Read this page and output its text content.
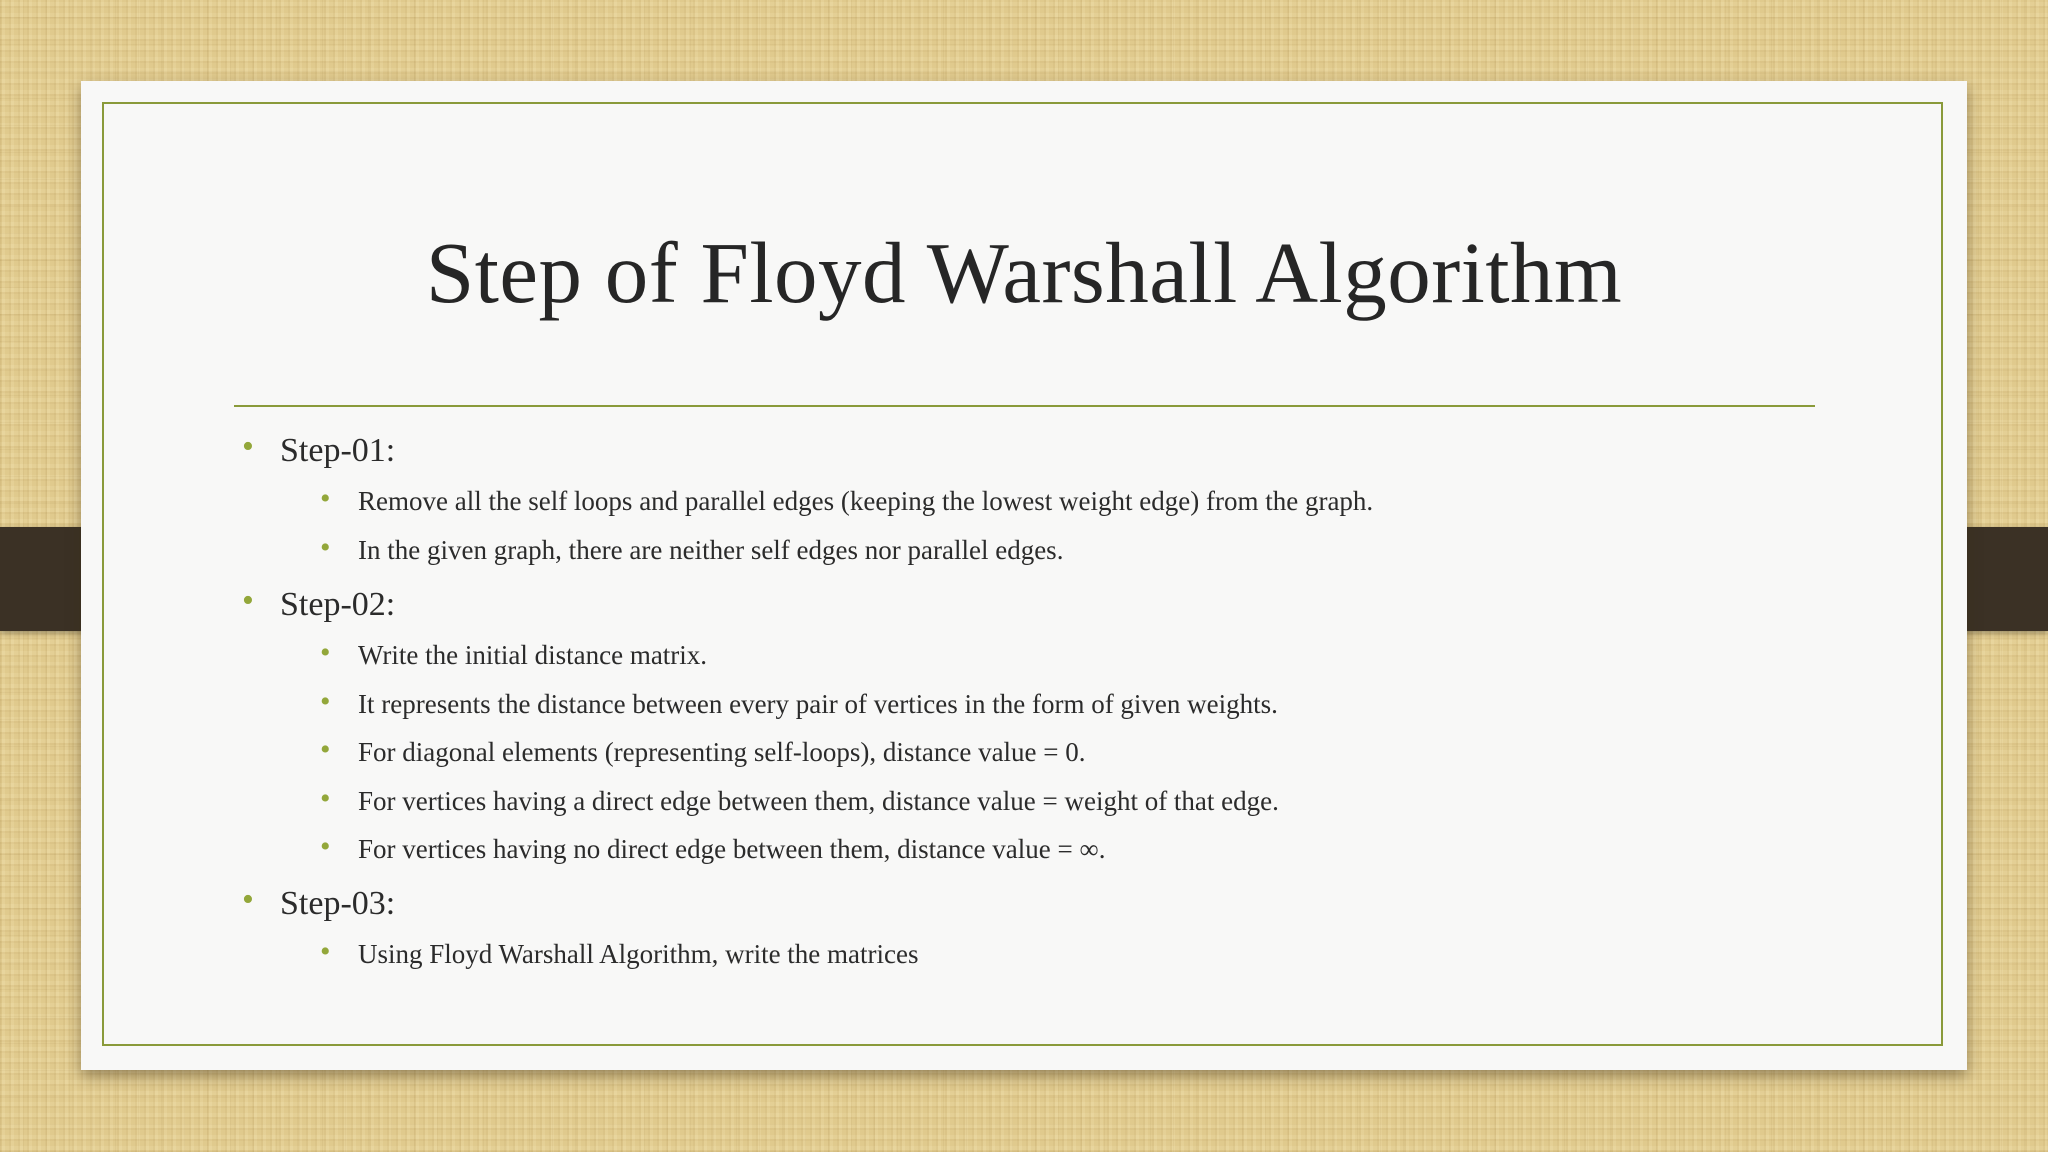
Step of Floyd Warshall Algorithm
• Step-01:
• Remove all the self loops and parallel edges (keeping the lowest weight edge) from the graph.
• In the given graph, there are neither self edges nor parallel edges.
• Step-02:
• Write the initial distance matrix.
• It represents the distance between every pair of vertices in the form of given weights.
• For diagonal elements (representing self-loops), distance value = 0.
• For vertices having a direct edge between them, distance value = weight of that edge.
• For vertices having no direct edge between them, distance value = ∞.
• Step-03:
• Using Floyd Warshall Algorithm, write the matrices
